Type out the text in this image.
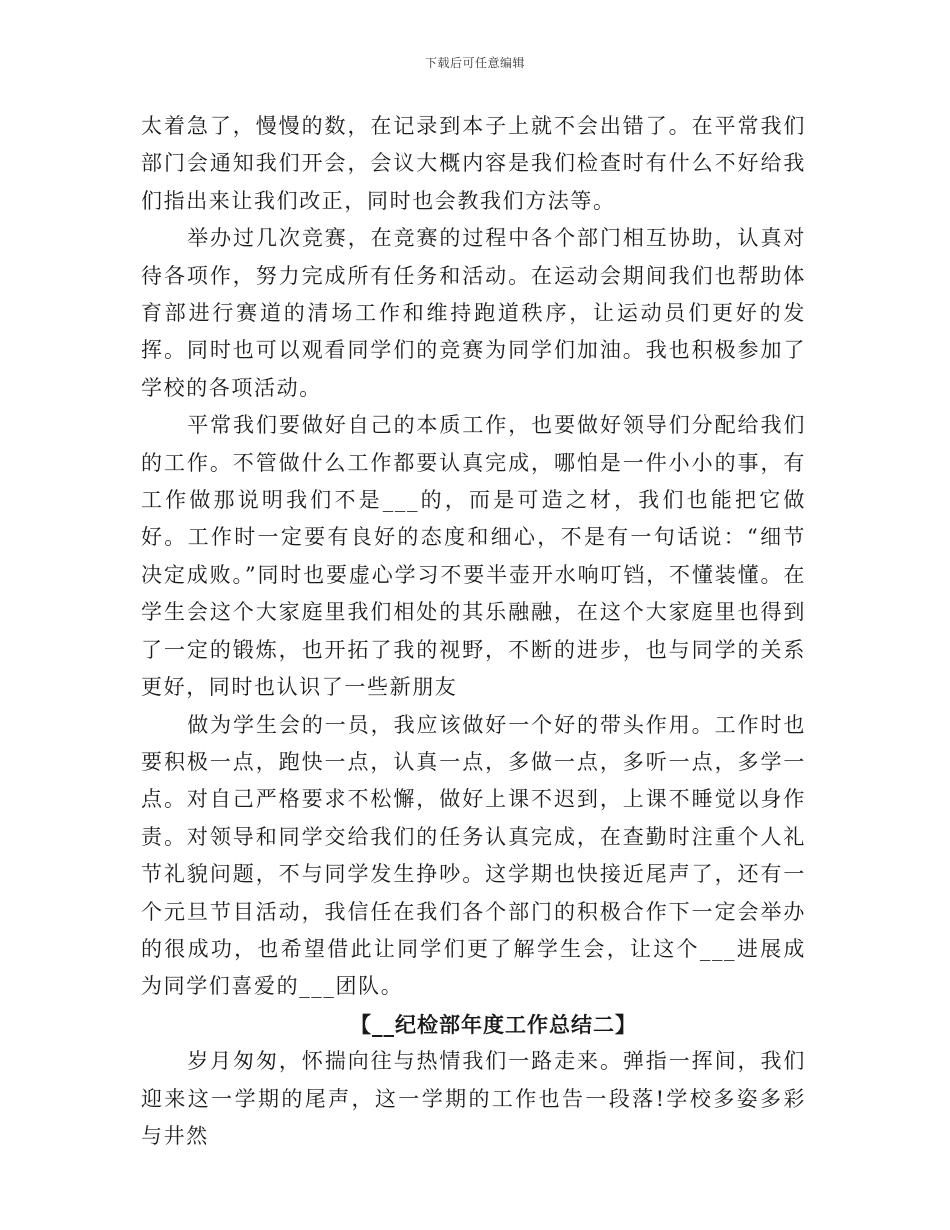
下载后可任意编辑

太着急了，慢慢的数，在记录到本子上就不会出错了。在平常我们部门会通知我们开会，会议大概内容是我们检查时有什么不好给我们指出来让我们改正，同时也会教我们方法等。

举办过几次竞赛，在竞赛的过程中各个部门相互协助，认真对待各项作，努力完成所有任务和活动。在运动会期间我们也帮助体育部进行赛道的清场工作和维持跑道秩序，让运动员们更好的发挥。同时也可以观看同学们的竞赛为同学们加油。我也积极参加了学校的各项活动。

平常我们要做好自己的本质工作，也要做好领导们分配给我们的工作。不管做什么工作都要认真完成，哪怕是一件小小的事，有工作做那说明我们不是___的，而是可造之材，我们也能把它做好。工作时一定要有良好的态度和细心，不是有一句话说：“细节决定成败。”同时也要虚心学习不要半壶开水响叮铛，不懂装懂。在学生会这个大家庭里我们相处的其乐融融，在这个大家庭里也得到了一定的锻炼，也开拓了我的视野，不断的进步，也与同学的关系更好，同时也认识了一些新朋友

做为学生会的一员，我应该做好一个好的带头作用。工作时也要积极一点，跑快一点，认真一点，多做一点，多听一点，多学一点。对自己严格要求不松懈，做好上课不迟到，上课不睡觉以身作责。对领导和同学交给我们的任务认真完成，在查勤时注重个人礼节礼貌问题，不与同学发生挣吵。这学期也快接近尾声了，还有一个元旦节目活动，我信任在我们各个部门的积极合作下一定会举办的很成功，也希望借此让同学们更了解学生会，让这个___进展成为同学们喜爱的___团队。

【__纪检部年度工作总结二】

岁月匆匆，怀揣向往与热情我们一路走来。弹指一挥间，我们迎来这一学期的尾声，这一学期的工作也告一段落!学校多姿多彩与井然
